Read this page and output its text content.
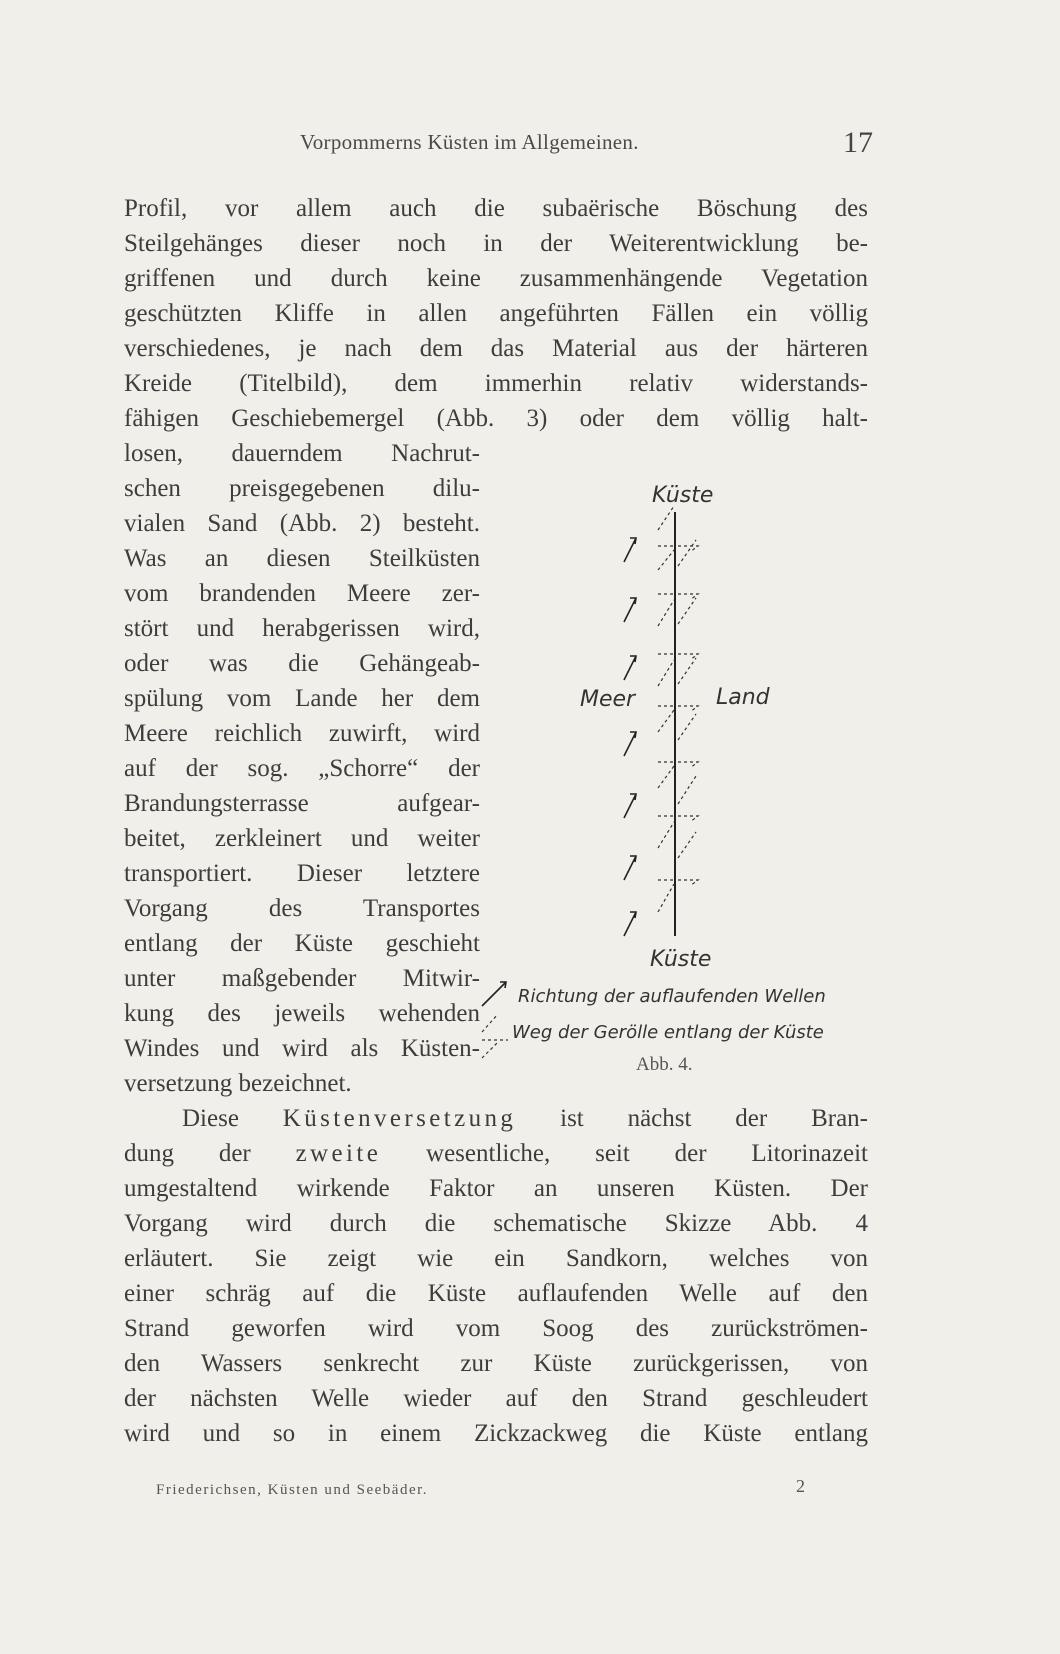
Vorpommerns Küsten im Allgemeinen.	17
Profil, vor allem auch die subaërische Böschung des
Steilgehänges dieser noch in der Weiterentwicklung be-
griffenen und durch keine zusammenhängende Vegetation
geschützten Kliffe in allen angeführten Fällen ein völlig
verschiedenes, je nach dem das Material aus der härteren
Kreide (Titelbild), dem immerhin relativ widerstands-
fähigen Geschiebemergel (Abb. 3) oder dem völlig halt-
losen, dauerndem Nachrut-
schen preisgegebenen dilu-
vialen Sand (Abb. 2) besteht.
Was an diesen Steilküsten
vom brandenden Meere zer-
stört und herabgerissen wird,
oder was die Gehängeab-
spülung vom Lande her dem
Meere reichlich zuwirft, wird
auf der sog. „Schorre“ der
Brandungsterrasse aufgear-
beitet, zerkleinert und weiter
transportiert. Dieser letztere
Vorgang des Transportes
entlang der Küste geschieht
unter maßgebender Mitwir-
kung des jeweils wehenden
Windes und wird als Küsten-
versetzung bezeichnet.
Diese Küstenversetzung ist nächst der Bran-
dung der zweite wesentliche, seit der Litorinazeit
umgestaltend wirkende Faktor an unseren Küsten. Der
Vorgang wird durch die schematische Skizze Abb. 4
erläutert. Sie zeigt wie ein Sandkorn, welches von
einer schräg auf die Küste auflaufenden Welle auf den
Strand geworfen wird vom Soog des zurückströmen-
den Wassers senkrecht zur Küste zurückgerissen, von
der nächsten Welle wieder auf den Strand geschleudert
wird und so in einem Zickzackweg die Küste entlang
Küste
Küste
Meer	Land
Richtung der auflaufenden Wellen
Weg der Gerölle entlang der Küste
Abb. 4.
Friederichsen, Küsten und Seebäder.	2
